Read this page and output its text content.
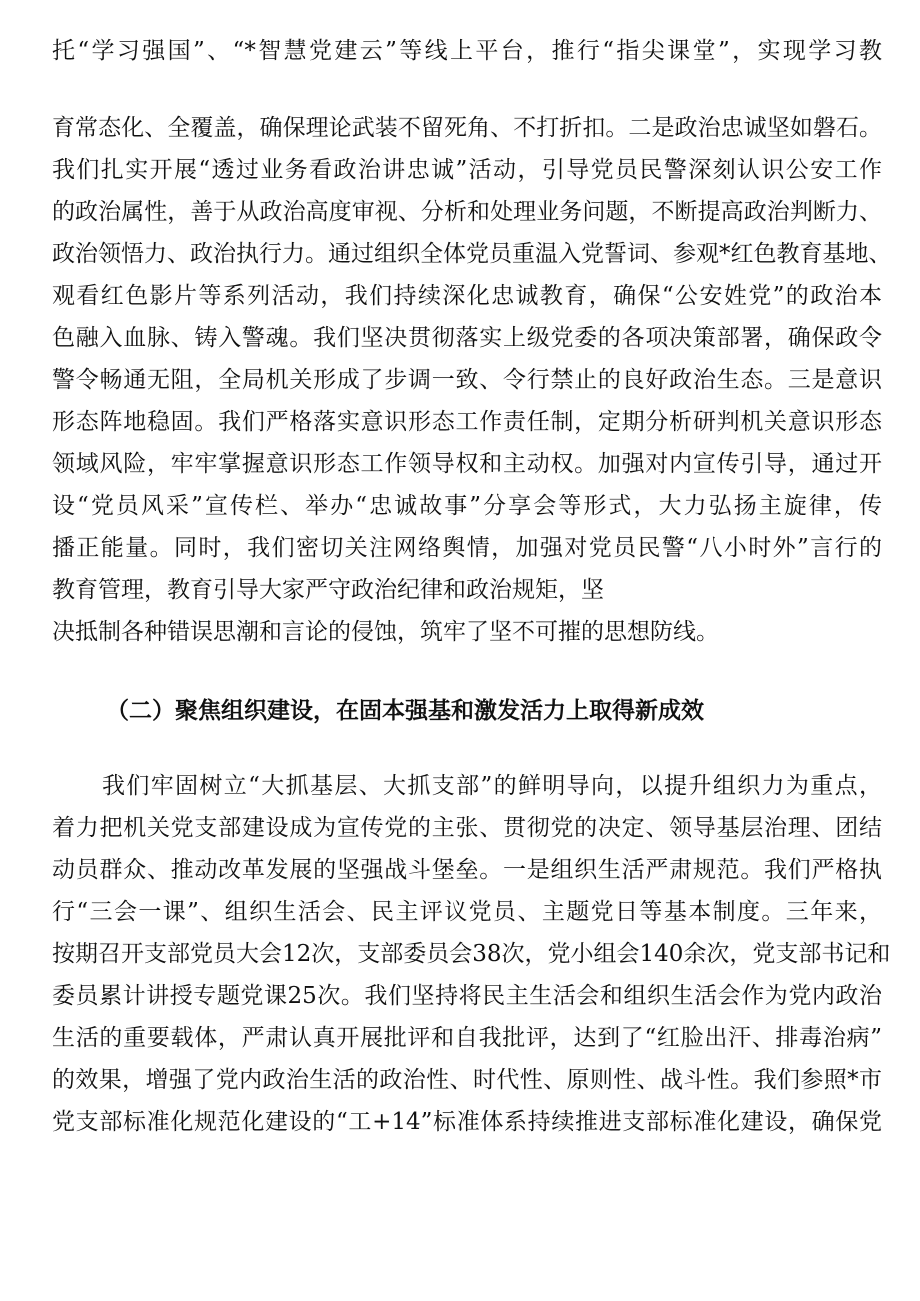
托“学习强国”、“*智慧党建云”等线上平台，推行“指尖课堂”，实现学习教
育常态化、全覆盖，确保理论武装不留死角、不打折扣。二是政治忠诚坚如磐石。
我们扎实开展“透过业务看政治讲忠诚”活动，引导党员民警深刻认识公安工作
的政治属性，善于从政治高度审视、分析和处理业务问题，不断提高政治判断力、
政治领悟力、政治执行力。通过组织全体党员重温入党誓词、参观*红色教育基地、
观看红色影片等系列活动，我们持续深化忠诚教育，确保“公安姓党”的政治本
色融入血脉、铸入警魂。我们坚决贯彻落实上级党委的各项决策部署，确保政令
警令畅通无阻，全局机关形成了步调一致、令行禁止的良好政治生态。三是意识
形态阵地稳固。我们严格落实意识形态工作责任制，定期分析研判机关意识形态
领域风险，牢牢掌握意识形态工作领导权和主动权。加强对内宣传引导，通过开
设“党员风采”宣传栏、举办“忠诚故事”分享会等形式，大力弘扬主旋律，传
播正能量。同时，我们密切关注网络舆情，加强对党员民警“八小时外”言行的
教育管理，教育引导大家严守政治纪律和政治规矩，坚
决抵制各种错误思潮和言论的侵蚀，筑牢了坚不可摧的思想防线。
（二）聚焦组织建设，在固本强基和激发活力上取得新成效
我们牢固树立“大抓基层、大抓支部”的鲜明导向，以提升组织力为重点，
着力把机关党支部建设成为宣传党的主张、贯彻党的决定、领导基层治理、团结
动员群众、推动改革发展的坚强战斗堡垒。一是组织生活严肃规范。我们严格执
行“三会一课”、组织生活会、民主评议党员、主题党日等基本制度。三年来，
按期召开支部党员大会12次，支部委员会38次，党小组会140余次，党支部书记和
委员累计讲授专题党课25次。我们坚持将民主生活会和组织生活会作为党内政治
生活的重要载体，严肃认真开展批评和自我批评，达到了“红脸出汗、排毒治病”
的效果，增强了党内政治生活的政治性、时代性、原则性、战斗性。我们参照*市
党支部标准化规范化建设的“工+14”标准体系持续推进支部标准化建设，确保党
